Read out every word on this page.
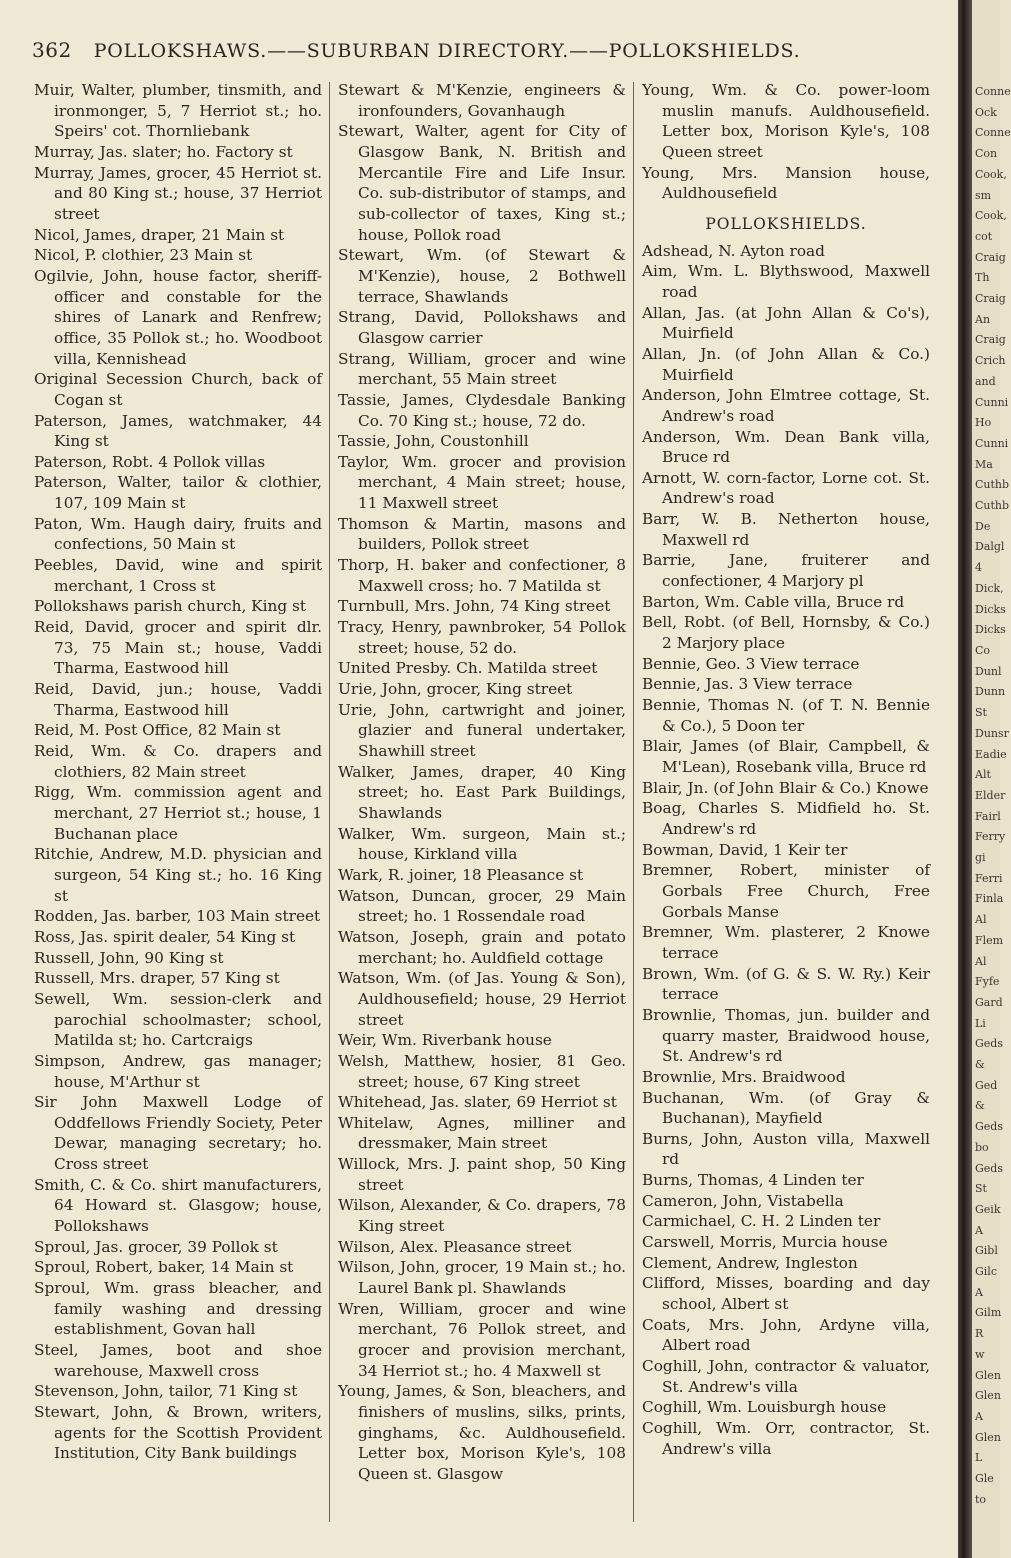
362 POLLOKSHAWS.——SUBURBAN DIRECTORY.——POLLOKSHIELDS.

Muir, Walter, plumber, tinsmith, and ironmonger, 5, 7 Herriot st.; ho. Speirs' cot. Thornliebank

Murray, Jas. slater; ho. Factory st

Murray, James, grocer, 45 Herriot st. and 80 King st.; house, 37 Herriot street

Nicol, James, draper, 21 Main st

Nicol, P. clothier, 23 Main st

Ogilvie, John, house factor, sheriff-officer and constable for the shires of Lanark and Renfrew; office, 35 Pollok st.; ho. Woodboot villa, Kennishead

Original Secession Church, back of Cogan st

Paterson, James, watchmaker, 44 King st

Paterson, Robt. 4 Pollok villas

Paterson, Walter, tailor & clothier, 107, 109 Main st

Paton, Wm. Haugh dairy, fruits and confections, 50 Main st

Peebles, David, wine and spirit merchant, 1 Cross st

Pollokshaws parish church, King st

Reid, David, grocer and spirit dlr. 73, 75 Main st.; house, Vaddi Tharma, Eastwood hill

Reid, David, jun.; house, Vaddi Tharma, Eastwood hill

Reid, M. Post Office, 82 Main st

Reid, Wm. & Co. drapers and clothiers, 82 Main street

Rigg, Wm. commission agent and merchant, 27 Herriot st.; house, 1 Buchanan place

Ritchie, Andrew, M.D. physician and surgeon, 54 King st.; ho. 16 King st

Rodden, Jas. barber, 103 Main street

Ross, Jas. spirit dealer, 54 King st

Russell, John, 90 King st

Russell, Mrs. draper, 57 King st

Sewell, Wm. session-clerk and parochial schoolmaster; school, Matilda st; ho. Cartcraigs

Simpson, Andrew, gas manager; house, M'Arthur st

Sir John Maxwell Lodge of Oddfellows Friendly Society, Peter Dewar, managing secretary; ho. Cross street

Smith, C. & Co. shirt manufacturers, 64 Howard st. Glasgow; house, Pollokshaws

Sproul, Jas. grocer, 39 Pollok st

Sproul, Robert, baker, 14 Main st

Sproul, Wm. grass bleacher, and family washing and dressing establishment, Govan hall

Steel, James, boot and shoe warehouse, Maxwell cross

Stevenson, John, tailor, 71 King st

Stewart, John, & Brown, writers, agents for the Scottish Provident Institution, City Bank buildings

Stewart & M'Kenzie, engineers & ironfounders, Govanhaugh

Stewart, Walter, agent for City of Glasgow Bank, N. British and Mercantile Fire and Life Insur. Co. sub-distributor of stamps, and sub-collector of taxes, King st.; house, Pollok road

Stewart, Wm. (of Stewart & M'Kenzie), house, 2 Bothwell terrace, Shawlands

Strang, David, Pollokshaws and Glasgow carrier

Strang, William, grocer and wine merchant, 55 Main street

Tassie, James, Clydesdale Banking Co. 70 King st.; house, 72 do.

Tassie, John, Coustonhill

Taylor, Wm. grocer and provision merchant, 4 Main street; house, 11 Maxwell street

Thomson & Martin, masons and builders, Pollok street

Thorp, H. baker and confectioner, 8 Maxwell cross; ho. 7 Matilda st

Turnbull, Mrs. John, 74 King street

Tracy, Henry, pawnbroker, 54 Pollok street; house, 52 do.

United Presby. Ch. Matilda street

Urie, John, grocer, King street

Urie, John, cartwright and joiner, glazier and funeral undertaker, Shawhill street

Walker, James, draper, 40 King street; ho. East Park Buildings, Shawlands

Walker, Wm. surgeon, Main st.; house, Kirkland villa

Wark, R. joiner, 18 Pleasance st

Watson, Duncan, grocer, 29 Main street; ho. 1 Rossendale road

Watson, Joseph, grain and potato merchant; ho. Auldfield cottage

Watson, Wm. (of Jas. Young & Son), Auldhousefield; house, 29 Herriot street

Weir, Wm. Riverbank house

Welsh, Matthew, hosier, 81 Geo. street; house, 67 King street

Whitehead, Jas. slater, 69 Herriot st

Whitelaw, Agnes, milliner and dressmaker, Main street

Willock, Mrs. J. paint shop, 50 King street

Wilson, Alexander, & Co. drapers, 78 King street

Wilson, Alex. Pleasance street

Wilson, John, grocer, 19 Main st.; ho. Laurel Bank pl. Shawlands

Wren, William, grocer and wine merchant, 76 Pollok street, and grocer and provision merchant, 34 Herriot st.; ho. 4 Maxwell st

Young, James, & Son, bleachers, and finishers of muslins, silks, prints, ginghams, &c. Auldhousefield. Letter box, Morison Kyle's, 108 Queen st. Glasgow

Young, Wm. & Co. power-loom muslin manufs. Auldhousefield. Letter box, Morison Kyle's, 108 Queen street

Young, Mrs. Mansion house, Auldhousefield

POLLOKSHIELDS.

Adshead, N. Ayton road

Aim, Wm. L. Blythswood, Maxwell road

Allan, Jas. (at John Allan & Co's), Muirfield

Allan, Jn. (of John Allan & Co.) Muirfield

Anderson, John Elmtree cottage, St. Andrew's road

Anderson, Wm. Dean Bank villa, Bruce rd

Arnott, W. corn-factor, Lorne cot. St. Andrew's road

Barr, W. B. Netherton house, Maxwell rd

Barrie, Jane, fruiterer and confectioner, 4 Marjory pl

Barton, Wm. Cable villa, Bruce rd

Bell, Robt. (of Bell, Hornsby, & Co.) 2 Marjory place

Bennie, Geo. 3 View terrace

Bennie, Jas. 3 View terrace

Bennie, Thomas N. (of T. N. Bennie & Co.), 5 Doon ter

Blair, James (of Blair, Campbell, & M'Lean), Rosebank villa, Bruce rd

Blair, Jn. (of John Blair & Co.) Knowe

Boag, Charles S. Midfield ho. St. Andrew's rd

Bowman, David, 1 Keir ter

Bremner, Robert, minister of Gorbals Free Church, Free Gorbals Manse

Bremner, Wm. plasterer, 2 Knowe terrace

Brown, Wm. (of G. & S. W. Ry.) Keir terrace

Brownlie, Thomas, jun. builder and quarry master, Braidwood house, St. Andrew's rd

Brownlie, Mrs. Braidwood

Buchanan, Wm. (of Gray & Buchanan), Mayfield

Burns, John, Auston villa, Maxwell rd

Burns, Thomas, 4 Linden ter

Cameron, John, Vistabella

Carmichael, C. H. 2 Linden ter

Carswell, Morris, Murcia house

Clement, Andrew, Ingleston

Clifford, Misses, boarding and day school, Albert st

Coats, Mrs. John, Ardyne villa, Albert road

Coghill, John, contractor & valuator, St. Andrew's villa

Coghill, Wm. Louisburgh house

Coghill, Wm. Orr, contractor, St. Andrew's villa

Conne
Ock
Conne
Con
Cook,
sm
Cook,
cot
Craig
Th
Craig
An
Craig
Crich
and
Cunni
Ho
Cunni
Ma
Cuthb
Cuthb
De
Dalgl
4
Dick,
Dicks
Dicks
Co
Dunl
Dunn
St
Dunsr
Eadie
Alt
Elder
Fairl
Ferry
gi
Ferri
Finla
Al
Flem
Al
Fyfe
Gard
Li
Geds
&
Ged
&
Geds
bo
Geds
St
Geik
A
Gibl
Gilc
A
Gilm
R
w
Glen
Glen
A
Glen
L
Gle
to
